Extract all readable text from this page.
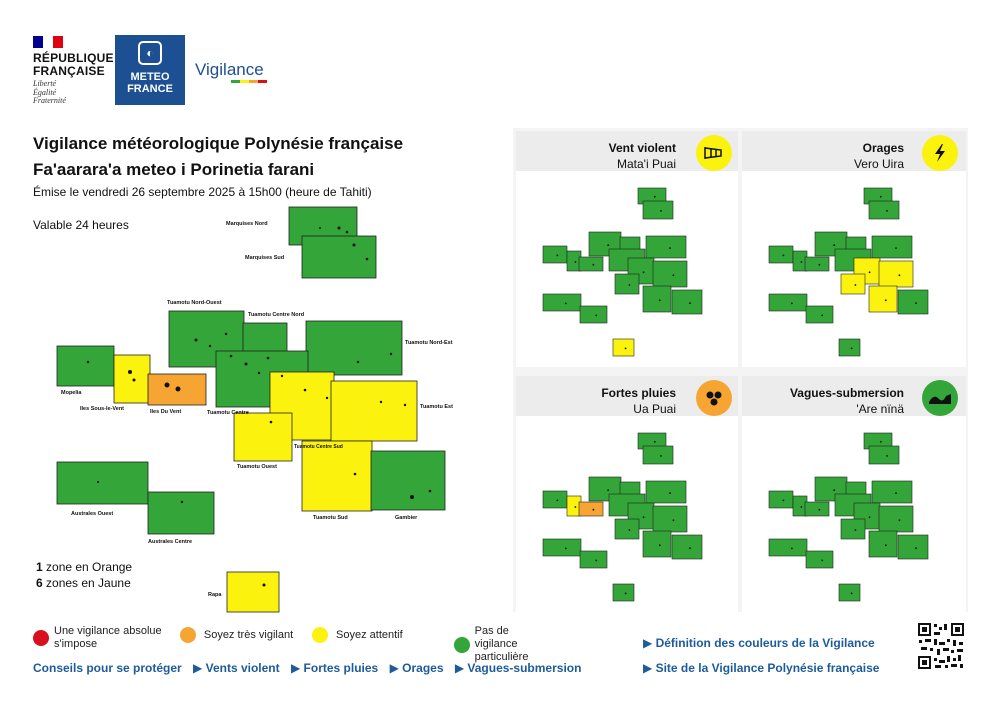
RÉPUBLIQUE
FRANÇAISE
Liberté
Égalité
Fraternité
◐
METEO
FRANCE
Vigilance
Vigilance météorologique Polynésie française
Fa'aarara'a meteo i Porinetia farani
Émise le vendredi 26 septembre 2025 à 15h00 (heure de Tahiti)
Valable 24 heures	Marquises Nord
Marquises Sud
Tuamotu Nord-Ouest
Tuamotu Centre Nord
Tuamotu Nord-Est
Mopelia
Iles Sous-le-Vent	Iles Du Vent	Tuamotu Centre
Tuamotu Est
Tuamotu Ouest
Tuamotu Centre Sud
Australes Ouest
Australes Centre
Tuamotu Sud	Gambier
Rapa
1 zone en Orange
6 zones en Jaune
Vent violent
Mata'i Puai
Orages
Vero Uira
Fortes pluies
Ua Puai
Vagues-submersion
'Are nïnä
Une vigilance absolue
s'impose
Soyez très vigilant	Soyez attentif	Pas de vigilance
particulière
Conseils pour se protéger ▶ Vents violent ▶ Fortes pluies ▶ Orages ▶ Vagues-submersion
▶ Définition des couleurs de la Vigilance
▶ Site de la Vigilance Polynésie française
